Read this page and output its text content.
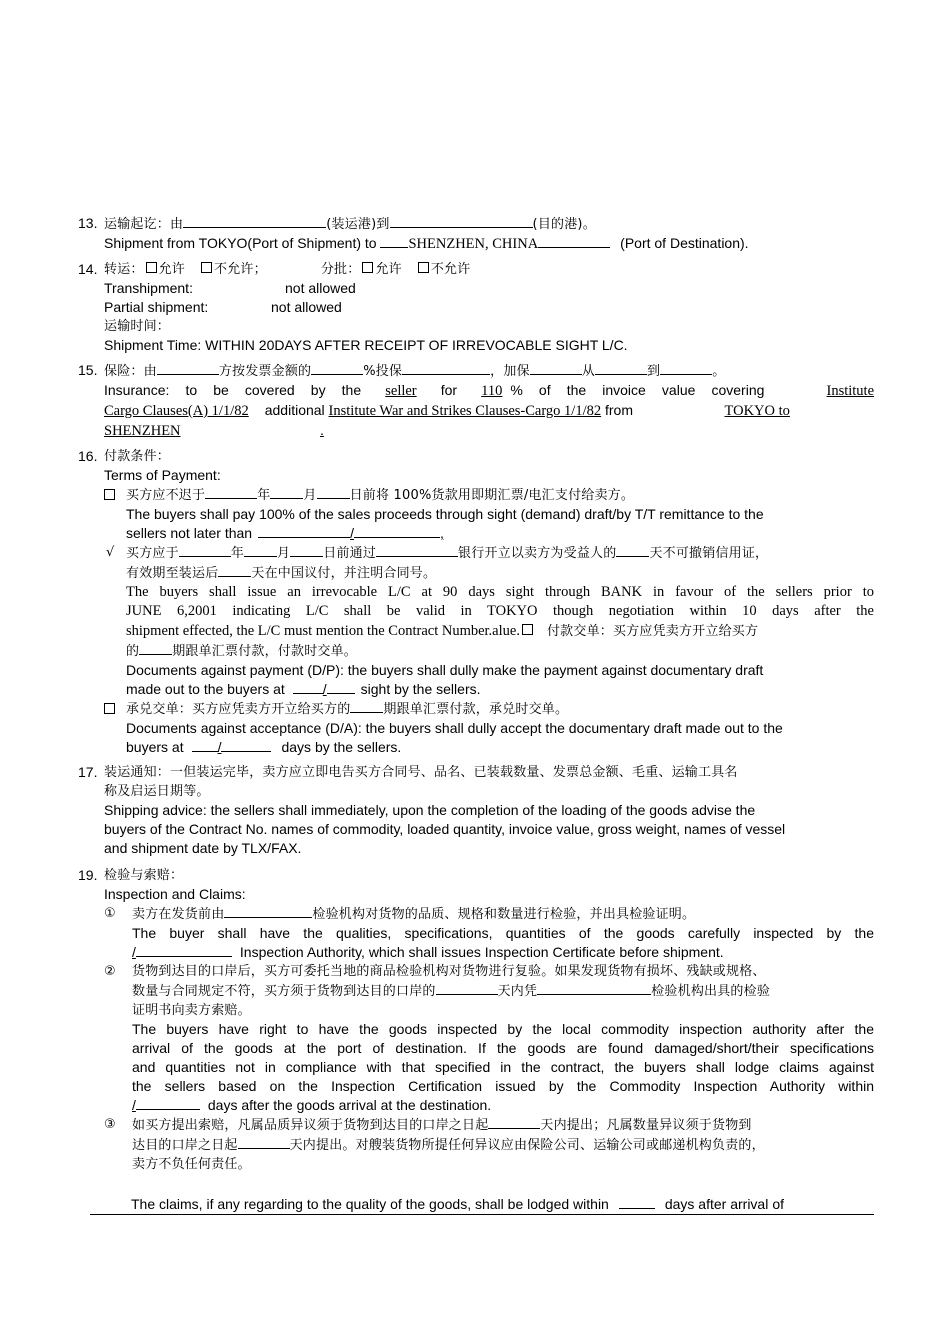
13. 运输起讫：由	(装运港)到	(目的港)。
Shipment from TOKYO(Port of Shipment) to SHENZHEN, CHINA	(Port of Destination).
14. 转运： 允许 不允许；	分批： 允许 不允许
Transhipment:	not allowed
Partial shipment:	not allowed
运输时间：
Shipment Time: WITHIN 20DAYS AFTER RECEIPT OF IRREVOCABLE SIGHT L/C.
15. 保险：由	方按发票金额的	%投保	，加保	从	到	。
Insurance: to be covered by the seller for 110 % of the invoice value covering	Institute
Cargo Clauses(A) 1/1/82 additional Institute War and Strikes Clauses-Cargo 1/1/82 from	TOKYO to
SHENZHEN	.
16. 付款条件：
Terms of Payment:
买方应不迟于	年	月	日前将 100%货款用即期汇票/电汇支付给卖方。
The buyers shall pay 100% of the sales proceeds through sight (demand) draft/by T/T remittance to the
sellers not later than	/	,
√ 买方应于	年	月	日前通过	银行开立以卖方为受益人的	天不可撤销信用证，
有效期至装运后	天在中国议付，并注明合同号。
The buyers shall issue an irrevocable L/C at 90 days sight through BANK in favour of the sellers prior to
JUNE 6,2001 indicating L/C shall be valid in TOKYO though negotiation within 10 days after the
shipment effected, the L/C must mention the Contract Number.alue. 付款交单：买方应凭卖方开立给买方
的	期跟单汇票付款，付款时交单。
Documents against payment (D/P): the buyers shall dully make the payment against documentary draft
made out to the buyers at	/ sight by the sellers.
承兑交单：买方应凭卖方开立给买方的	期跟单汇票付款，承兑时交单。
Documents against acceptance (D/A): the buyers shall dully accept the documentary draft made out to the
buyers at /	days by the sellers.
17. 装运通知：一但装运完毕，卖方应立即电告买方合同号、品名、已装载数量、发票总金额、毛重、运输工具名
称及启运日期等。
Shipping advice: the sellers shall immediately, upon the completion of the loading of the goods advise the
buyers of the Contract No. names of commodity, loaded quantity, invoice value, gross weight, names of vessel
and shipment date by TLX/FAX.
19. 检验与索赔：
Inspection and Claims:
① 卖方在发货前由	检验机构对货物的品质、规格和数量进行检验，并出具检验证明。
The buyer shall have the qualities, specifications, quantities of the goods carefully inspected by the
/	Inspection Authority, which shall issues Inspection Certificate before shipment.
② 货物到达目的口岸后，买方可委托当地的商品检验机构对货物进行复验。如果发现货物有损坏、残缺或规格、
数量与合同规定不符，买方须于货物到达目的口岸的	天内凭	检验机构出具的检验
证明书向卖方索赔。
The buyers have right to have the goods inspected by the local commodity inspection authority after the
arrival of the goods at the port of destination. If the goods are found damaged/short/their specifications
and quantities not in compliance with that specified in the contract, the buyers shall lodge claims against
the sellers based on the Inspection Certification issued by the Commodity Inspection Authority within
/	days after the goods arrival at the destination.
③ 如买方提出索赔，凡属品质异议须于货物到达目的口岸之日起	天内提出；凡属数量异议须于货物到
达目的口岸之日起	天内提出。对艘装货物所提任何异议应由保险公司、运输公司或邮递机构负责的，
卖方不负任何责任。
The claims, if any regarding to the quality of the goods, shall be lodged within	days after arrival of
